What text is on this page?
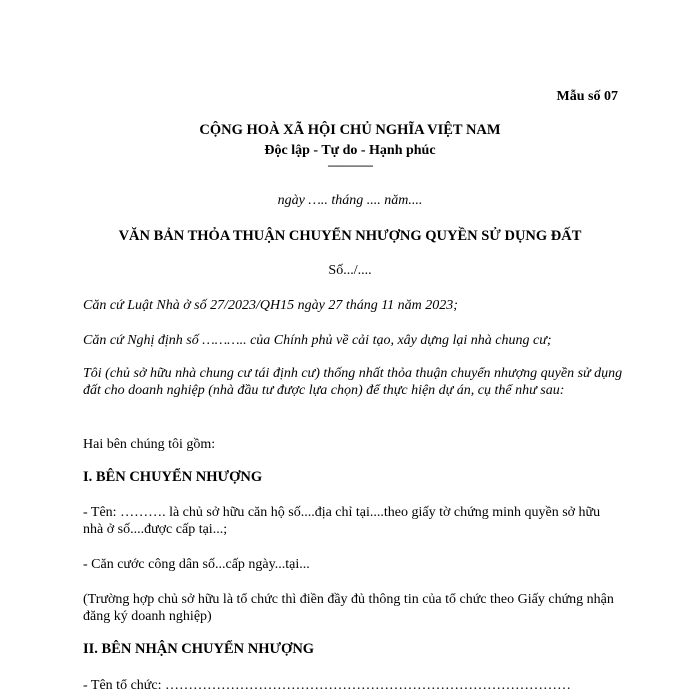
Mẫu số 07
CỘNG HOÀ XÃ HỘI CHỦ NGHĨA VIỆT NAM
Độc lập - Tự do - Hạnh phúc
---------------
ngày ….. tháng .... năm....
VĂN BẢN THỎA THUẬN CHUYỂN NHƯỢNG QUYỀN SỬ DỤNG ĐẤT
Số.../....
Căn cứ Luật Nhà ở số 27/2023/QH15 ngày 27 tháng 11 năm 2023;
Căn cứ Nghị định số ……….. của Chính phủ về cải tạo, xây dựng lại nhà chung cư;
Tôi (chủ sở hữu nhà chung cư tái định cư) thống nhất thỏa thuận chuyển nhượng quyền sử dụng đất cho doanh nghiệp (nhà đầu tư được lựa chọn) để thực hiện dự án, cụ thể như sau:
Hai bên chúng tôi gồm:
I. BÊN CHUYỂN NHƯỢNG
- Tên: ………. là chủ sở hữu căn hộ số....địa chỉ tại....theo giấy tờ chứng minh quyền sở hữu nhà ở số....được cấp tại...;
- Căn cước công dân số...cấp ngày...tại...
(Trường hợp chủ sở hữu là tổ chức thì điền đầy đủ thông tin của tổ chức theo Giấy chứng nhận đăng ký doanh nghiệp)
II. BÊN NHẬN CHUYỂN NHƯỢNG
- Tên tổ chức: ……………………………………………………………………………
